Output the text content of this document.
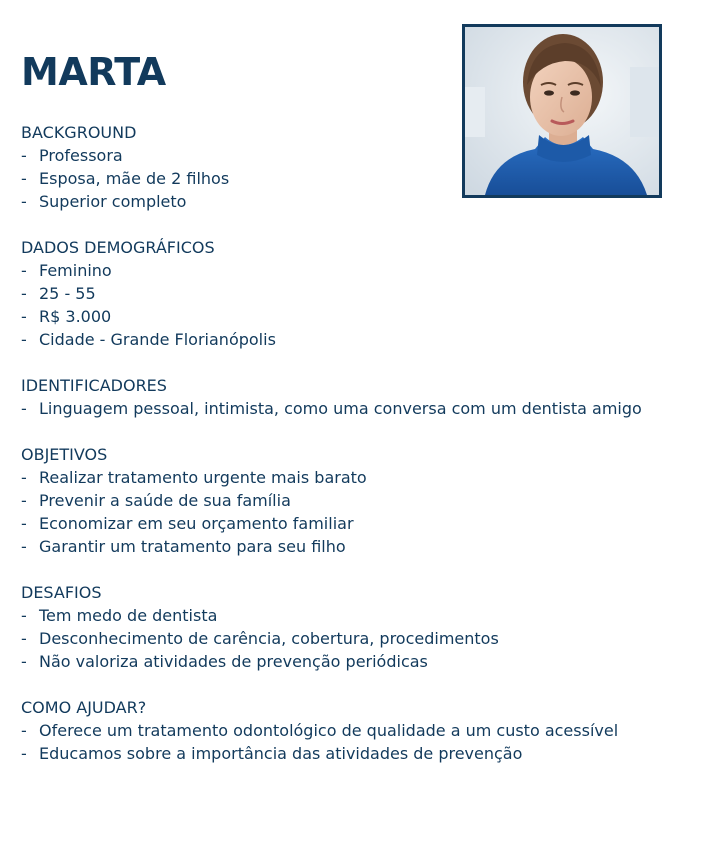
MARTA
BACKGROUND
- Professora
- Esposa, mãe de 2 filhos
- Superior completo
DADOS DEMOGRÁFICOS
- Feminino
- 25 - 55
- R$ 3.000
- Cidade - Grande Florianópolis
IDENTIFICADORES
- Linguagem pessoal, intimista, como uma conversa com um dentista amigo
OBJETIVOS
- Realizar tratamento urgente mais barato
- Prevenir a saúde de sua família
- Economizar em seu orçamento familiar
- Garantir um tratamento para seu filho
DESAFIOS
- Tem medo de dentista
- Desconhecimento de carência, cobertura, procedimentos
- Não valoriza atividades de prevenção periódicas
COMO AJUDAR?
- Oferece um tratamento odontológico de qualidade a um custo acessível
- Educamos sobre a importância das atividades de prevenção
